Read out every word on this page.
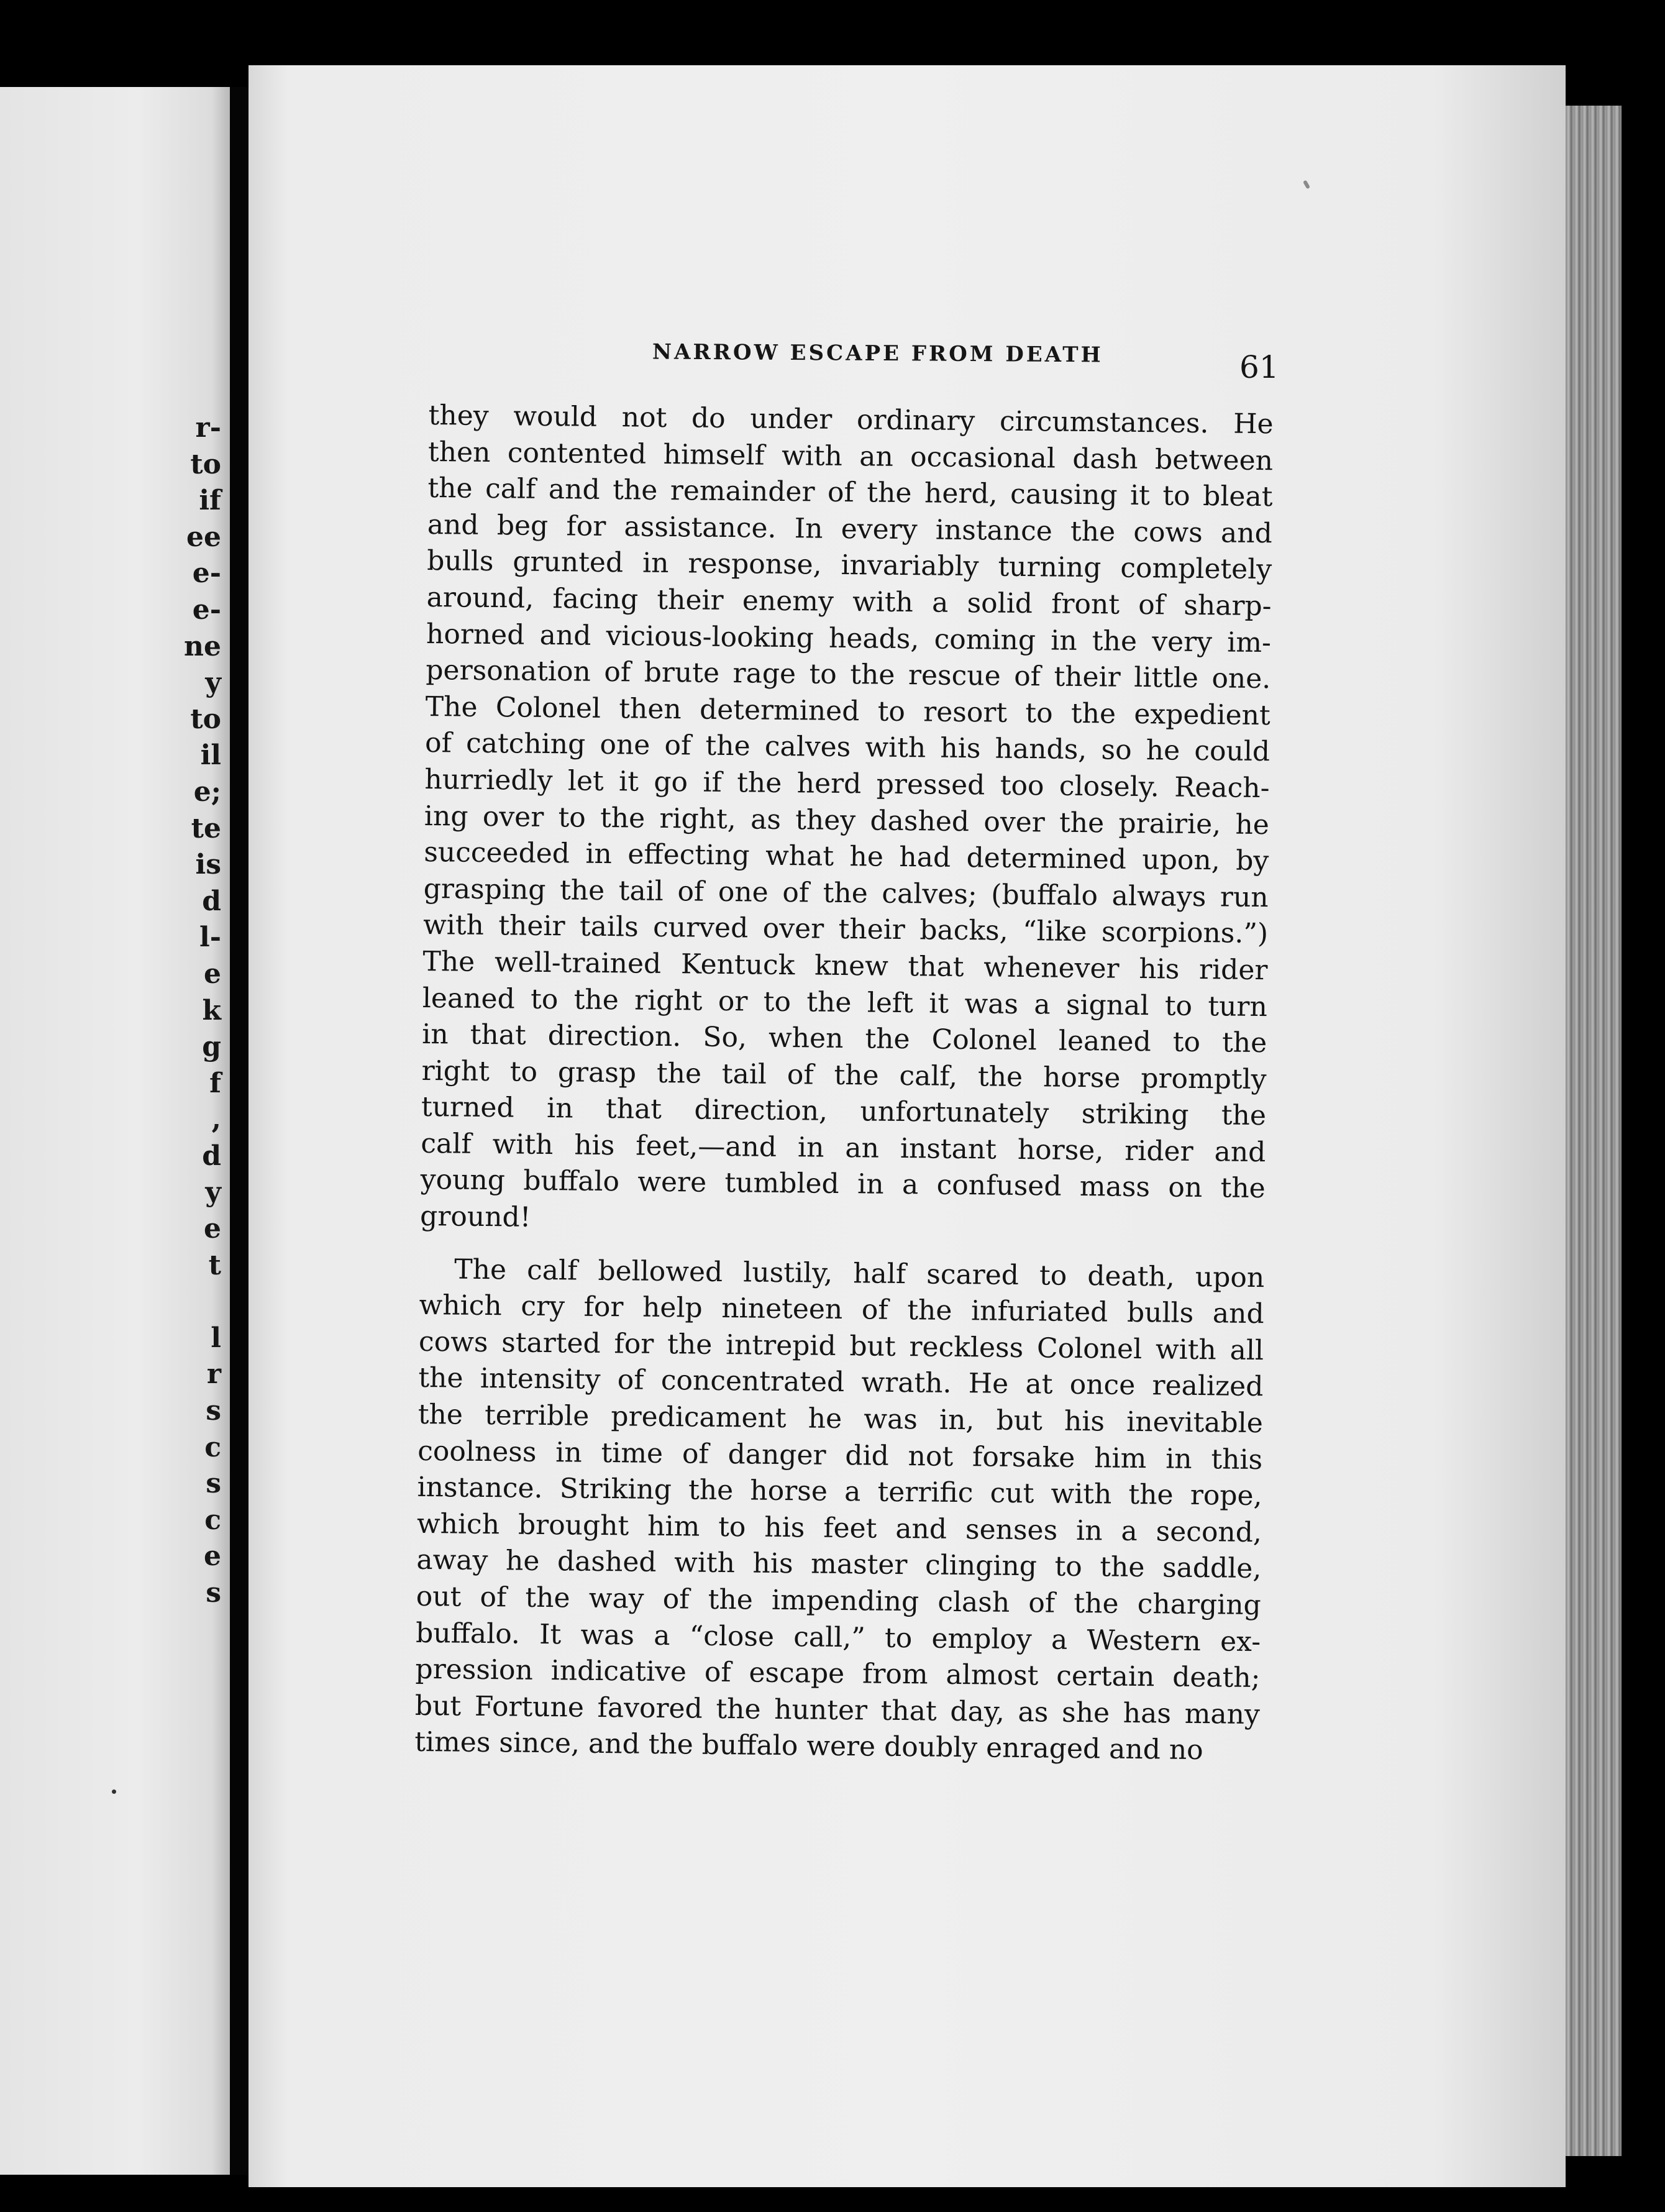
r-
to
if
ee
e-
e-
ne
y
to
il
e;
te
is
d
l-
e
k
g
f
,
d
y
e
t
l
r
s
c
s
c
e
s
NARROW ESCAPE FROM DEATH	61
they would not do under ordinary circumstances. He
then contented himself with an occasional dash between
the calf and the remainder of the herd, causing it to bleat
and beg for assistance. In every instance the cows and
bulls grunted in response, invariably turning completely
around, facing their enemy with a solid front of sharp-
horned and vicious-looking heads, coming in the very im-
personation of brute rage to the rescue of their little one.
The Colonel then determined to resort to the expedient
of catching one of the calves with his hands, so he could
hurriedly let it go if the herd pressed too closely. Reach-
ing over to the right, as they dashed over the prairie, he
succeeded in effecting what he had determined upon, by
grasping the tail of one of the calves; (buffalo always run
with their tails curved over their backs, “like scorpions.”)
The well-trained Kentuck knew that whenever his rider
leaned to the right or to the left it was a signal to turn
in that direction. So, when the Colonel leaned to the
right to grasp the tail of the calf, the horse promptly
turned in that direction, unfortunately striking the
calf with his feet,—and in an instant horse, rider and
young buffalo were tumbled in a confused mass on the
ground!
The calf bellowed lustily, half scared to death, upon
which cry for help nineteen of the infuriated bulls and
cows started for the intrepid but reckless Colonel with all
the intensity of concentrated wrath. He at once realized
the terrible predicament he was in, but his inevitable
coolness in time of danger did not forsake him in this
instance. Striking the horse a terrific cut with the rope,
which brought him to his feet and senses in a second,
away he dashed with his master clinging to the saddle,
out of the way of the impending clash of the charging
buffalo. It was a “close call,” to employ a Western ex-
pression indicative of escape from almost certain death;
but Fortune favored the hunter that day, as she has many
times since, and the buffalo were doubly enraged and no
